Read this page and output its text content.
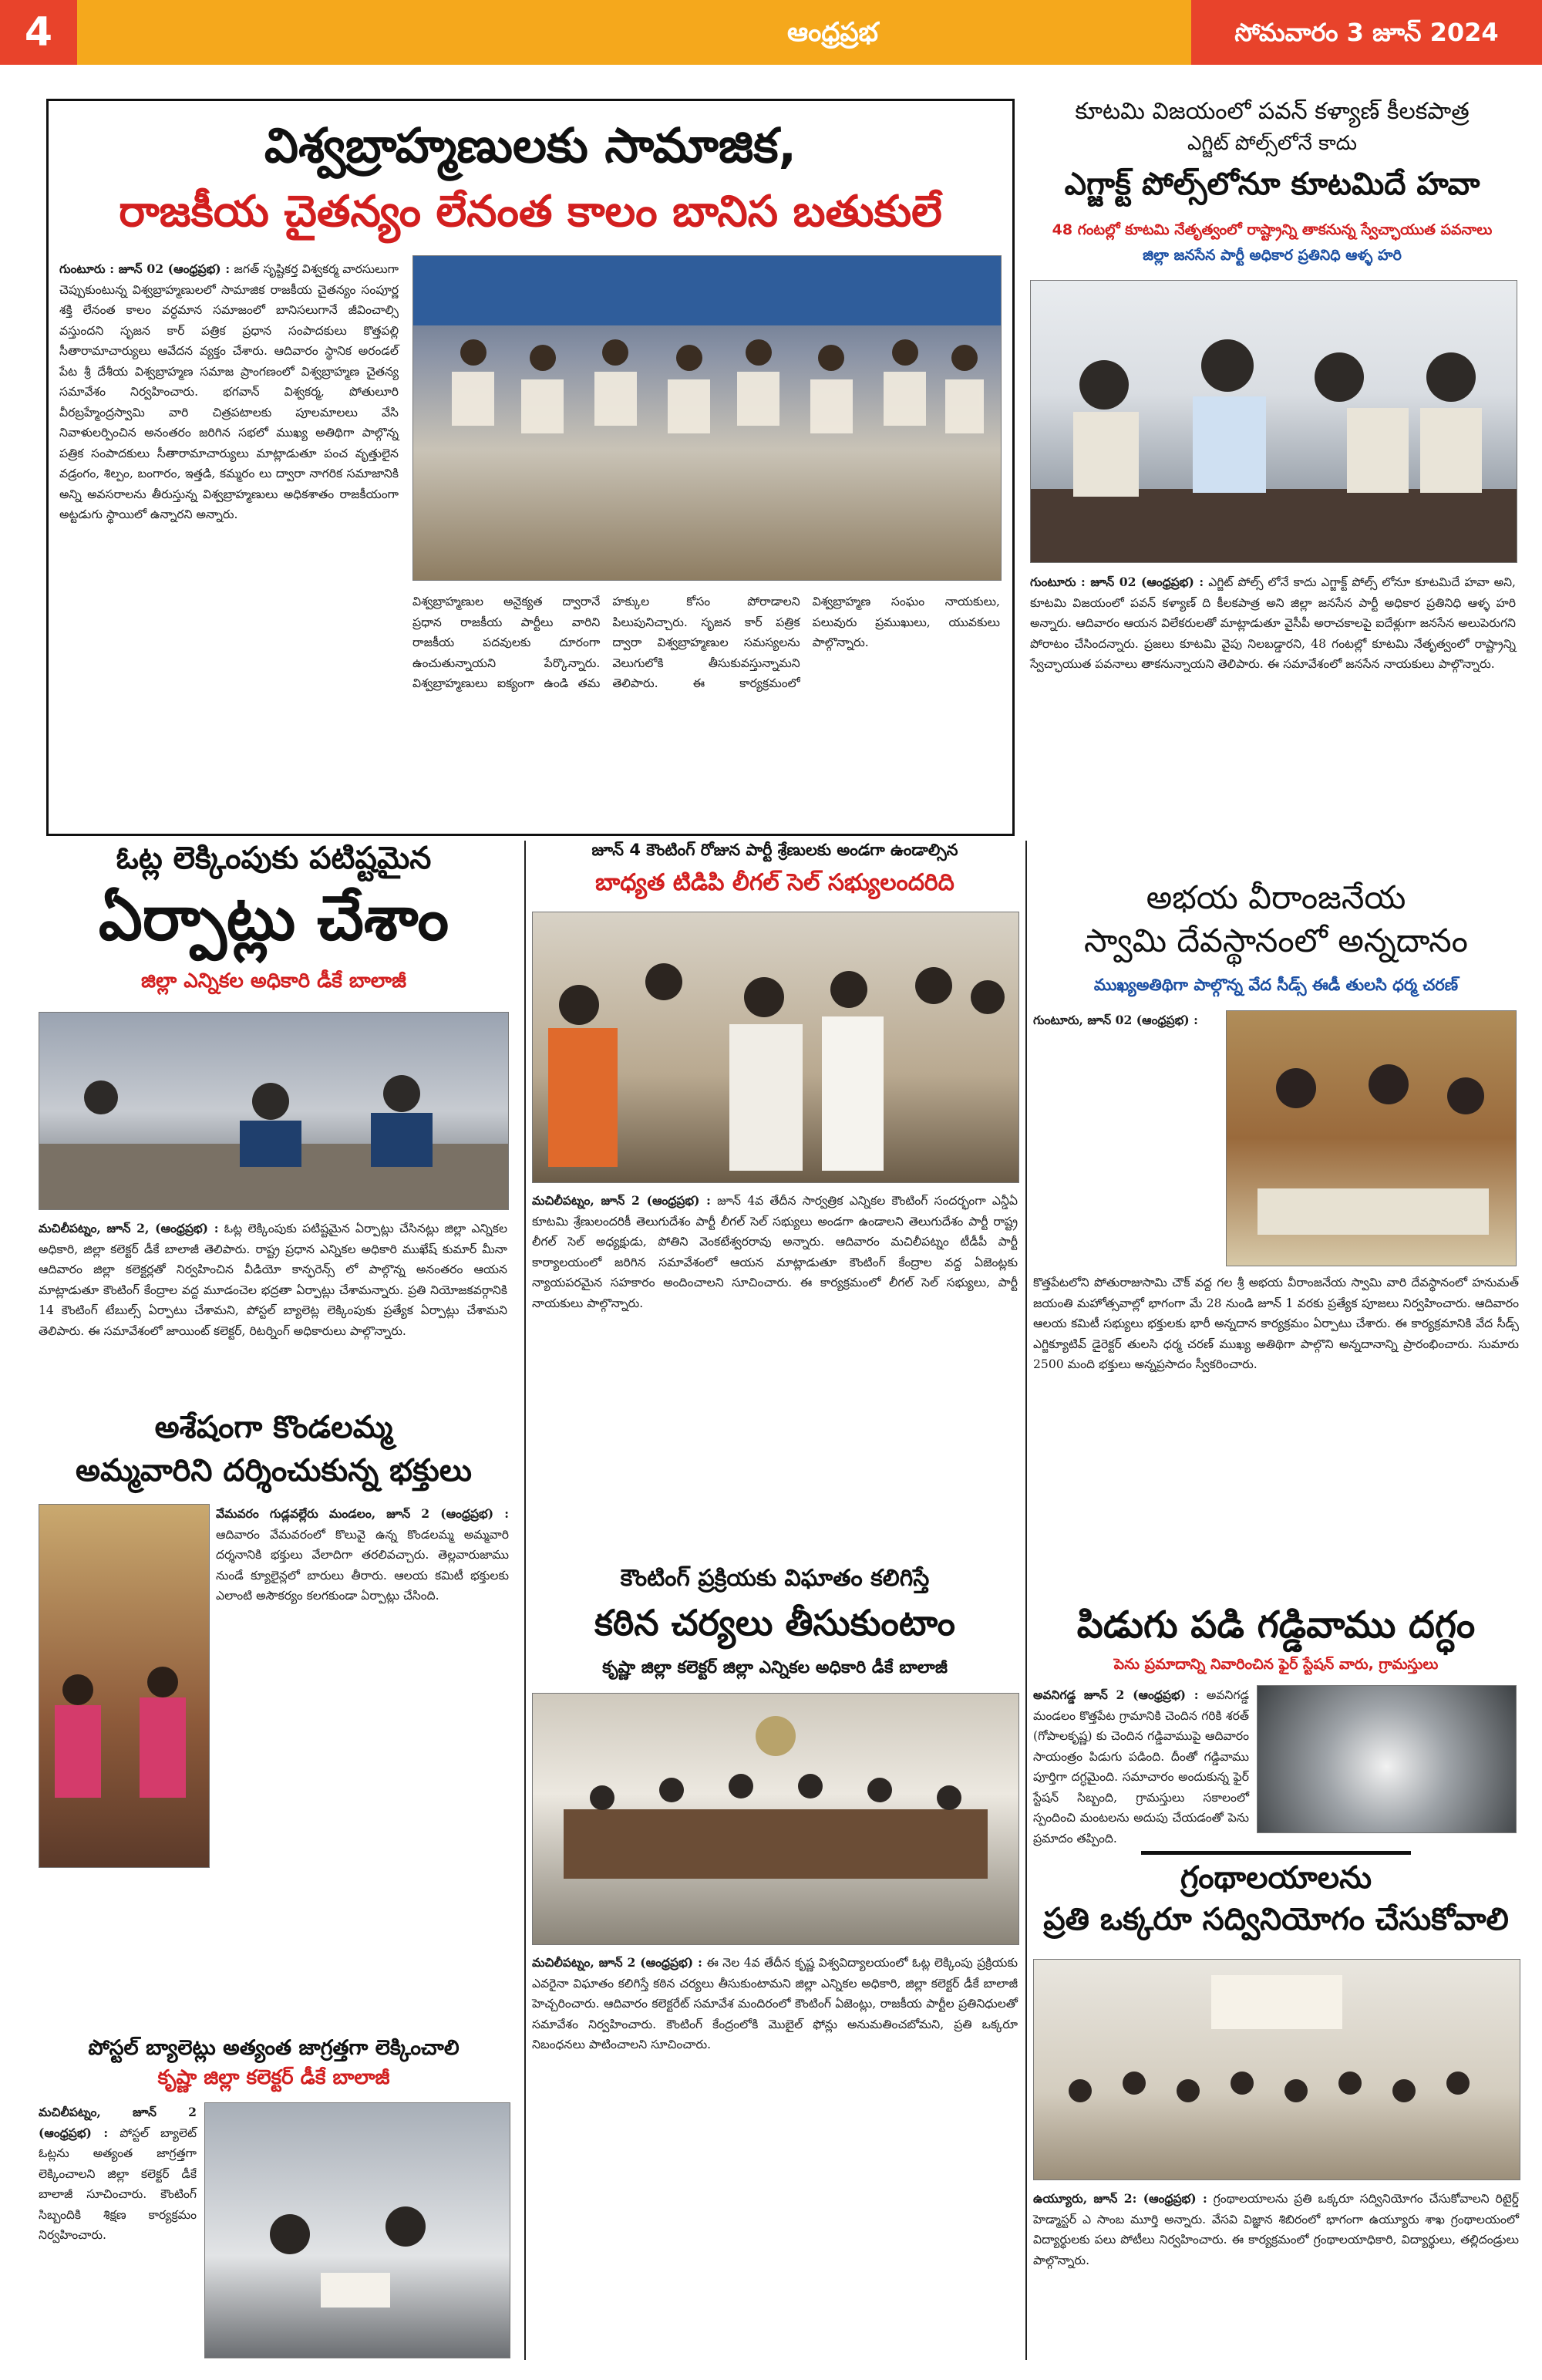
4	ఆంధ్రప్రభ	సోమవారం 3 జూన్ 2024
విశ్వబ్రాహ్మణులకు సామాజిక,
రాజకీయ చైతన్యం లేనంత కాలం బానిస బతుకులే
గుంటూరు : జూన్ 02 (ఆంధ్రప్రభ) : జగత్ సృష్టికర్త విశ్వకర్మ వారసులుగా చెప్పుకుంటున్న విశ్వబ్రాహ్మణులలో సామాజిక రాజకీయ చైతన్యం సంపూర్ణ శక్తి లేనంత కాలం వర్ధమాన సమాజంలో బానిసలుగానే జీవించాల్సి వస్తుందని సృజన కార్ పత్రిక ప్రధాన సంపాదకులు కొత్తపల్లి సీతారామాచార్యులు ఆవేదన వ్యక్తం చేశారు. ఆదివారం స్థానిక అరండల్ పేట శ్రీ దేశీయ విశ్వబ్రాహ్మణ సమాజ ప్రాంగణంలో విశ్వబ్రాహ్మణ చైతన్య సమావేశం నిర్వహించారు. భగవాన్ విశ్వకర్మ, పోతులూరి వీరబ్రహ్మేంద్రస్వామి వారి చిత్రపటాలకు పూలమాలలు వేసి నివాళులర్పించిన అనంతరం జరిగిన సభలో ముఖ్య అతిథిగా పాల్గొన్న పత్రిక సంపాదకులు సీతారామాచార్యులు మాట్లాడుతూ పంచ వృత్తులైన వడ్రంగం, శిల్పం, బంగారం, ఇత్తడి, కమ్మరం లు ద్వారా నాగరిక సమాజానికి అన్ని అవసరాలను తీరుస్తున్న విశ్వబ్రాహ్మణులు అధికశాతం రాజకీయంగా అట్టడుగు స్థాయిలో ఉన్నారని అన్నారు.
విశ్వబ్రాహ్మణుల అనైక్యత ద్వారానే ప్రధాన రాజకీయ పార్టీలు వారిని రాజకీయ పదవులకు దూరంగా ఉంచుతున్నాయని పేర్కొన్నారు. విశ్వబ్రాహ్మణులు ఐక్యంగా ఉండి తమ హక్కుల కోసం పోరాడాలని పిలుపునిచ్చారు. సృజన కార్ పత్రిక ద్వారా విశ్వబ్రాహ్మణుల సమస్యలను వెలుగులోకి తీసుకువస్తున్నామని తెలిపారు. ఈ కార్యక్రమంలో విశ్వబ్రాహ్మణ సంఘం నాయకులు, పలువురు ప్రముఖులు, యువకులు పాల్గొన్నారు.
కూటమి విజయంలో పవన్ కళ్యాణ్ కీలకపాత్ర
ఎగ్జిట్ పోల్స్‌లోనే కాదు
ఎగ్జాక్ట్ పోల్స్‌లోనూ కూటమిదే హవా
48 గంటల్లో కూటమి నేతృత్వంలో రాష్ట్రాన్ని తాకనున్న స్వేచ్ఛాయుత పవనాలు
జిల్లా జనసేన పార్టీ అధికార ప్రతినిధి ఆళ్ళ హరి
గుంటూరు : జూన్ 02 (ఆంధ్రప్రభ) : ఎగ్జిట్ పోల్స్ లోనే కాదు ఎగ్జాక్ట్ పోల్స్ లోనూ కూటమిదే హవా అని, కూటమి విజయంలో పవన్ కళ్యాణ్ ది కీలకపాత్ర అని జిల్లా జనసేన పార్టీ అధికార ప్రతినిధి ఆళ్ళ హరి అన్నారు. ఆదివారం ఆయన విలేకరులతో మాట్లాడుతూ వైసీపీ అరాచకాలపై ఐదేళ్లుగా జనసేన అలుపెరుగని పోరాటం చేసిందన్నారు. ప్రజలు కూటమి వైపు నిలబడ్డారని, 48 గంటల్లో కూటమి నేతృత్వంలో రాష్ట్రాన్ని స్వేచ్ఛాయుత పవనాలు తాకనున్నాయని తెలిపారు. ఈ సమావేశంలో జనసేన నాయకులు పాల్గొన్నారు.
ఓట్ల లెక్కింపుకు పటిష్టమైన
ఏర్పాట్లు చేశాం
జిల్లా ఎన్నికల అధికారి డీకే బాలాజీ
మచిలీపట్నం, జూన్ 2, (ఆంధ్రప్రభ) : ఓట్ల లెక్కింపుకు పటిష్టమైన ఏర్పాట్లు చేసినట్లు జిల్లా ఎన్నికల అధికారి, జిల్లా కలెక్టర్ డీకే బాలాజీ తెలిపారు. రాష్ట్ర ప్రధాన ఎన్నికల అధికారి ముఖేష్ కుమార్ మీనా ఆదివారం జిల్లా కలెక్టర్లతో నిర్వహించిన వీడియో కాన్ఫరెన్స్ లో పాల్గొన్న అనంతరం ఆయన మాట్లాడుతూ కౌంటింగ్ కేంద్రాల వద్ద మూడంచెల భద్రతా ఏర్పాట్లు చేశామన్నారు. ప్రతి నియోజకవర్గానికి 14 కౌంటింగ్ టేబుల్స్ ఏర్పాటు చేశామని, పోస్టల్ బ్యాలెట్ల లెక్కింపుకు ప్రత్యేక ఏర్పాట్లు చేశామని తెలిపారు. ఈ సమావేశంలో జాయింట్ కలెక్టర్, రిటర్నింగ్ అధికారులు పాల్గొన్నారు.
అశేషంగా కొండలమ్మ
అమ్మవారిని దర్శించుకున్న భక్తులు
వేమవరం గుడ్లవల్లేరు మండలం, జూన్ 2 (ఆంధ్రప్రభ) : ఆదివారం వేమవరంలో కొలువై ఉన్న కొండలమ్మ అమ్మవారి దర్శనానికి భక్తులు వేలాదిగా తరలివచ్చారు. తెల్లవారుజాము నుండే క్యూలైన్లలో బారులు తీరారు. ఆలయ కమిటీ భక్తులకు ఎలాంటి అసౌకర్యం కలగకుండా ఏర్పాట్లు చేసింది.
పోస్టల్ బ్యాలెట్లు అత్యంత జాగ్రత్తగా లెక్కించాలి
కృష్ణా జిల్లా కలెక్టర్ డీకే బాలాజీ
మచిలీపట్నం, జూన్ 2 (ఆంధ్రప్రభ) : పోస్టల్ బ్యాలెట్ ఓట్లను అత్యంత జాగ్రత్తగా లెక్కించాలని జిల్లా కలెక్టర్ డీకే బాలాజీ సూచించారు. కౌంటింగ్ సిబ్బందికి శిక్షణ కార్యక్రమం నిర్వహించారు.
జూన్ 4 కౌంటింగ్ రోజున పార్టీ శ్రేణులకు అండగా ఉండాల్సిన
బాధ్యత టిడిపి లీగల్ సెల్ సభ్యులందరిది
మచిలీపట్నం, జూన్ 2 (ఆంధ్రప్రభ) : జూన్ 4వ తేదీన సార్వత్రిక ఎన్నికల కౌంటింగ్ సందర్భంగా ఎన్డీఏ కూటమి శ్రేణులందరికీ తెలుగుదేశం పార్టీ లీగల్ సెల్ సభ్యులు అండగా ఉండాలని తెలుగుదేశం పార్టీ రాష్ట్ర లీగల్ సెల్ అధ్యక్షుడు, పోతిని వెంకటేశ్వరరావు అన్నారు. ఆదివారం మచిలీపట్నం టీడీపీ పార్టీ కార్యాలయంలో జరిగిన సమావేశంలో ఆయన మాట్లాడుతూ కౌంటింగ్ కేంద్రాల వద్ద ఏజెంట్లకు న్యాయపరమైన సహకారం అందించాలని సూచించారు. ఈ కార్యక్రమంలో లీగల్ సెల్ సభ్యులు, పార్టీ నాయకులు పాల్గొన్నారు.
కౌంటింగ్ ప్రక్రియకు విఘాతం కలిగిస్తే
కఠిన చర్యలు తీసుకుంటాం
కృష్ణా జిల్లా కలెక్టర్ జిల్లా ఎన్నికల అధికారి డీకే బాలాజీ
మచిలీపట్నం, జూన్ 2 (ఆంధ్రప్రభ) : ఈ నెల 4వ తేదీన కృష్ణ విశ్వవిద్యాలయంలో ఓట్ల లెక్కింపు ప్రక్రియకు ఎవరైనా విఘాతం కలిగిస్తే కఠిన చర్యలు తీసుకుంటామని జిల్లా ఎన్నికల అధికారి, జిల్లా కలెక్టర్ డీకే బాలాజీ హెచ్చరించారు. ఆదివారం కలెక్టరేట్ సమావేశ మందిరంలో కౌంటింగ్ ఏజెంట్లు, రాజకీయ పార్టీల ప్రతినిధులతో సమావేశం నిర్వహించారు. కౌంటింగ్ కేంద్రంలోకి మొబైల్ ఫోన్లు అనుమతించబోమని, ప్రతి ఒక్కరూ నిబంధనలు పాటించాలని సూచించారు.
అభయ వీరాంజనేయ
స్వామి దేవస్థానంలో అన్నదానం
ముఖ్యఅతిథిగా పాల్గొన్న వేద సీడ్స్ ఈడీ తులసి ధర్మ చరణ్
గుంటూరు, జూన్ 02 (ఆంధ్రప్రభ) :
కొత్తపేటలోని పోతురాజుసామి చౌక్ వద్ద గల శ్రీ అభయ వీరాంజనేయ స్వామి వారి దేవస్థానంలో హనుమత్ జయంతి మహోత్సవాల్లో భాగంగా మే 28 నుండి జూన్ 1 వరకు ప్రత్యేక పూజలు నిర్వహించారు. ఆదివారం ఆలయ కమిటీ సభ్యులు భక్తులకు భారీ అన్నదాన కార్యక్రమం ఏర్పాటు చేశారు. ఈ కార్యక్రమానికి వేద సీడ్స్ ఎగ్జిక్యూటివ్ డైరెక్టర్ తులసి ధర్మ చరణ్ ముఖ్య అతిథిగా పాల్గొని అన్నదానాన్ని ప్రారంభించారు. సుమారు 2500 మంది భక్తులు అన్నప్రసాదం స్వీకరించారు.
పిడుగు పడి గడ్డివాము దగ్ధం
పెను ప్రమాదాన్ని నివారించిన ఫైర్ స్టేషన్ వారు, గ్రామస్తులు
అవనిగడ్డ జూన్ 2 (ఆంధ్రప్రభ) : అవనిగడ్డ మండలం కొత్తపేట గ్రామానికి చెందిన గరికి శరత్ (గోపాలకృష్ణ) కు చెందిన గడ్డివాముపై ఆదివారం సాయంత్రం పిడుగు పడింది. దీంతో గడ్డివాము పూర్తిగా దగ్ధమైంది. సమాచారం అందుకున్న ఫైర్ స్టేషన్ సిబ్బంది, గ్రామస్తులు సకాలంలో స్పందించి మంటలను అదుపు చేయడంతో పెను ప్రమాదం తప్పింది.
గ్రంథాలయాలను
ప్రతి ఒక్కరూ సద్వినియోగం చేసుకోవాలి
ఉయ్యూరు, జూన్ 2: (ఆంధ్రప్రభ) : గ్రంథాలయాలను ప్రతి ఒక్కరూ సద్వినియోగం చేసుకోవాలని రిటైర్డ్ హెడ్మాస్టర్ ఎ సాంబ మూర్తి అన్నారు. వేసవి విజ్ఞాన శిబిరంలో భాగంగా ఉయ్యూరు శాఖ గ్రంథాలయంలో విద్యార్థులకు పలు పోటీలు నిర్వహించారు. ఈ కార్యక్రమంలో గ్రంథాలయాధికారి, విద్యార్థులు, తల్లిదండ్రులు పాల్గొన్నారు.
